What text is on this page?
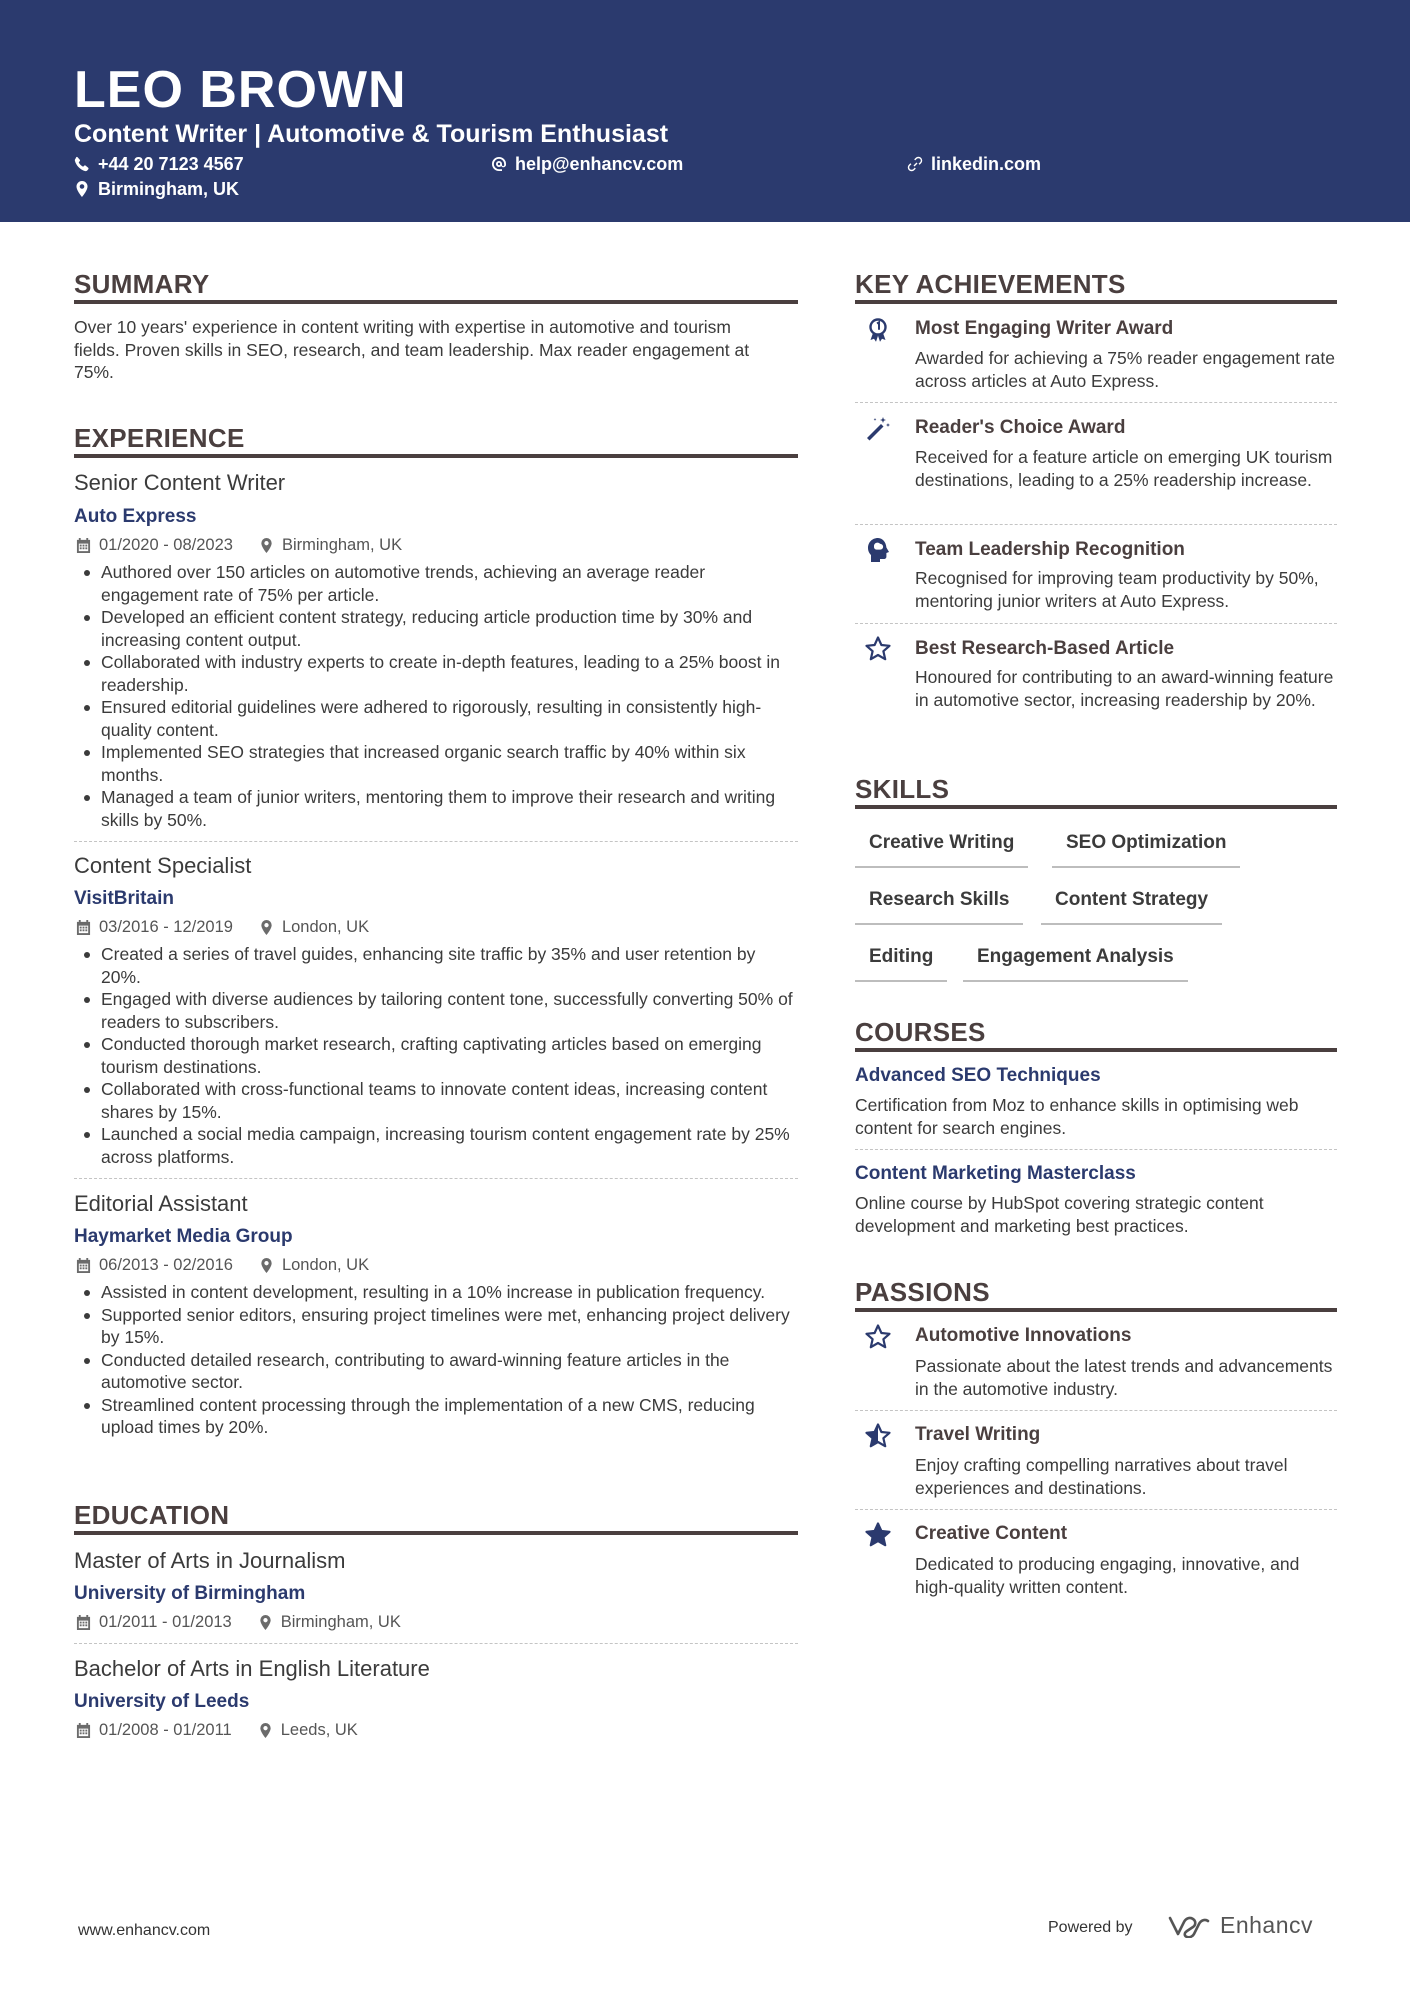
LEO BROWN
Content Writer | Automotive & Tourism Enthusiast
+44 20 7123 4567	help@enhancv.com	linkedin.com
Birmingham, UK
SUMMARY
Over 10 years' experience in content writing with expertise in automotive and tourism fields. Proven skills in SEO, research, and team leadership. Max reader engagement at 75%.
EXPERIENCE
Senior Content Writer
Auto Express
01/2020 - 08/2023	Birmingham, UK
Authored over 150 articles on automotive trends, achieving an average reader engagement rate of 75% per article.
Developed an efficient content strategy, reducing article production time by 30% and increasing content output.
Collaborated with industry experts to create in-depth features, leading to a 25% boost in readership.
Ensured editorial guidelines were adhered to rigorously, resulting in consistently high-quality content.
Implemented SEO strategies that increased organic search traffic by 40% within six months.
Managed a team of junior writers, mentoring them to improve their research and writing skills by 50%.
Content Specialist
VisitBritain
03/2016 - 12/2019	London, UK
Created a series of travel guides, enhancing site traffic by 35% and user retention by 20%.
Engaged with diverse audiences by tailoring content tone, successfully converting 50% of readers to subscribers.
Conducted thorough market research, crafting captivating articles based on emerging tourism destinations.
Collaborated with cross-functional teams to innovate content ideas, increasing content shares by 15%.
Launched a social media campaign, increasing tourism content engagement rate by 25% across platforms.
Editorial Assistant
Haymarket Media Group
06/2013 - 02/2016	London, UK
Assisted in content development, resulting in a 10% increase in publication frequency.
Supported senior editors, ensuring project timelines were met, enhancing project delivery by 15%.
Conducted detailed research, contributing to award-winning feature articles in the automotive sector.
Streamlined content processing through the implementation of a new CMS, reducing upload times by 20%.
EDUCATION
Master of Arts in Journalism
University of Birmingham
01/2011 - 01/2013	Birmingham, UK
Bachelor of Arts in English Literature
University of Leeds
01/2008 - 01/2011	Leeds, UK
KEY ACHIEVEMENTS
Most Engaging Writer Award
Awarded for achieving a 75% reader engagement rate across articles at Auto Express.
Reader's Choice Award
Received for a feature article on emerging UK tourism destinations, leading to a 25% readership increase.
Team Leadership Recognition
Recognised for improving team productivity by 50%, mentoring junior writers at Auto Express.
Best Research-Based Article
Honoured for contributing to an award-winning feature in automotive sector, increasing readership by 20%.
SKILLS
Creative Writing	SEO Optimization
Research Skills	Content Strategy
Editing	Engagement Analysis
COURSES
Advanced SEO Techniques
Certification from Moz to enhance skills in optimising web content for search engines.
Content Marketing Masterclass
Online course by HubSpot covering strategic content development and marketing best practices.
PASSIONS
Automotive Innovations
Passionate about the latest trends and advancements in the automotive industry.
Travel Writing
Enjoy crafting compelling narratives about travel experiences and destinations.
Creative Content
Dedicated to producing engaging, innovative, and high-quality written content.
www.enhancv.com	Powered by	Enhancv
